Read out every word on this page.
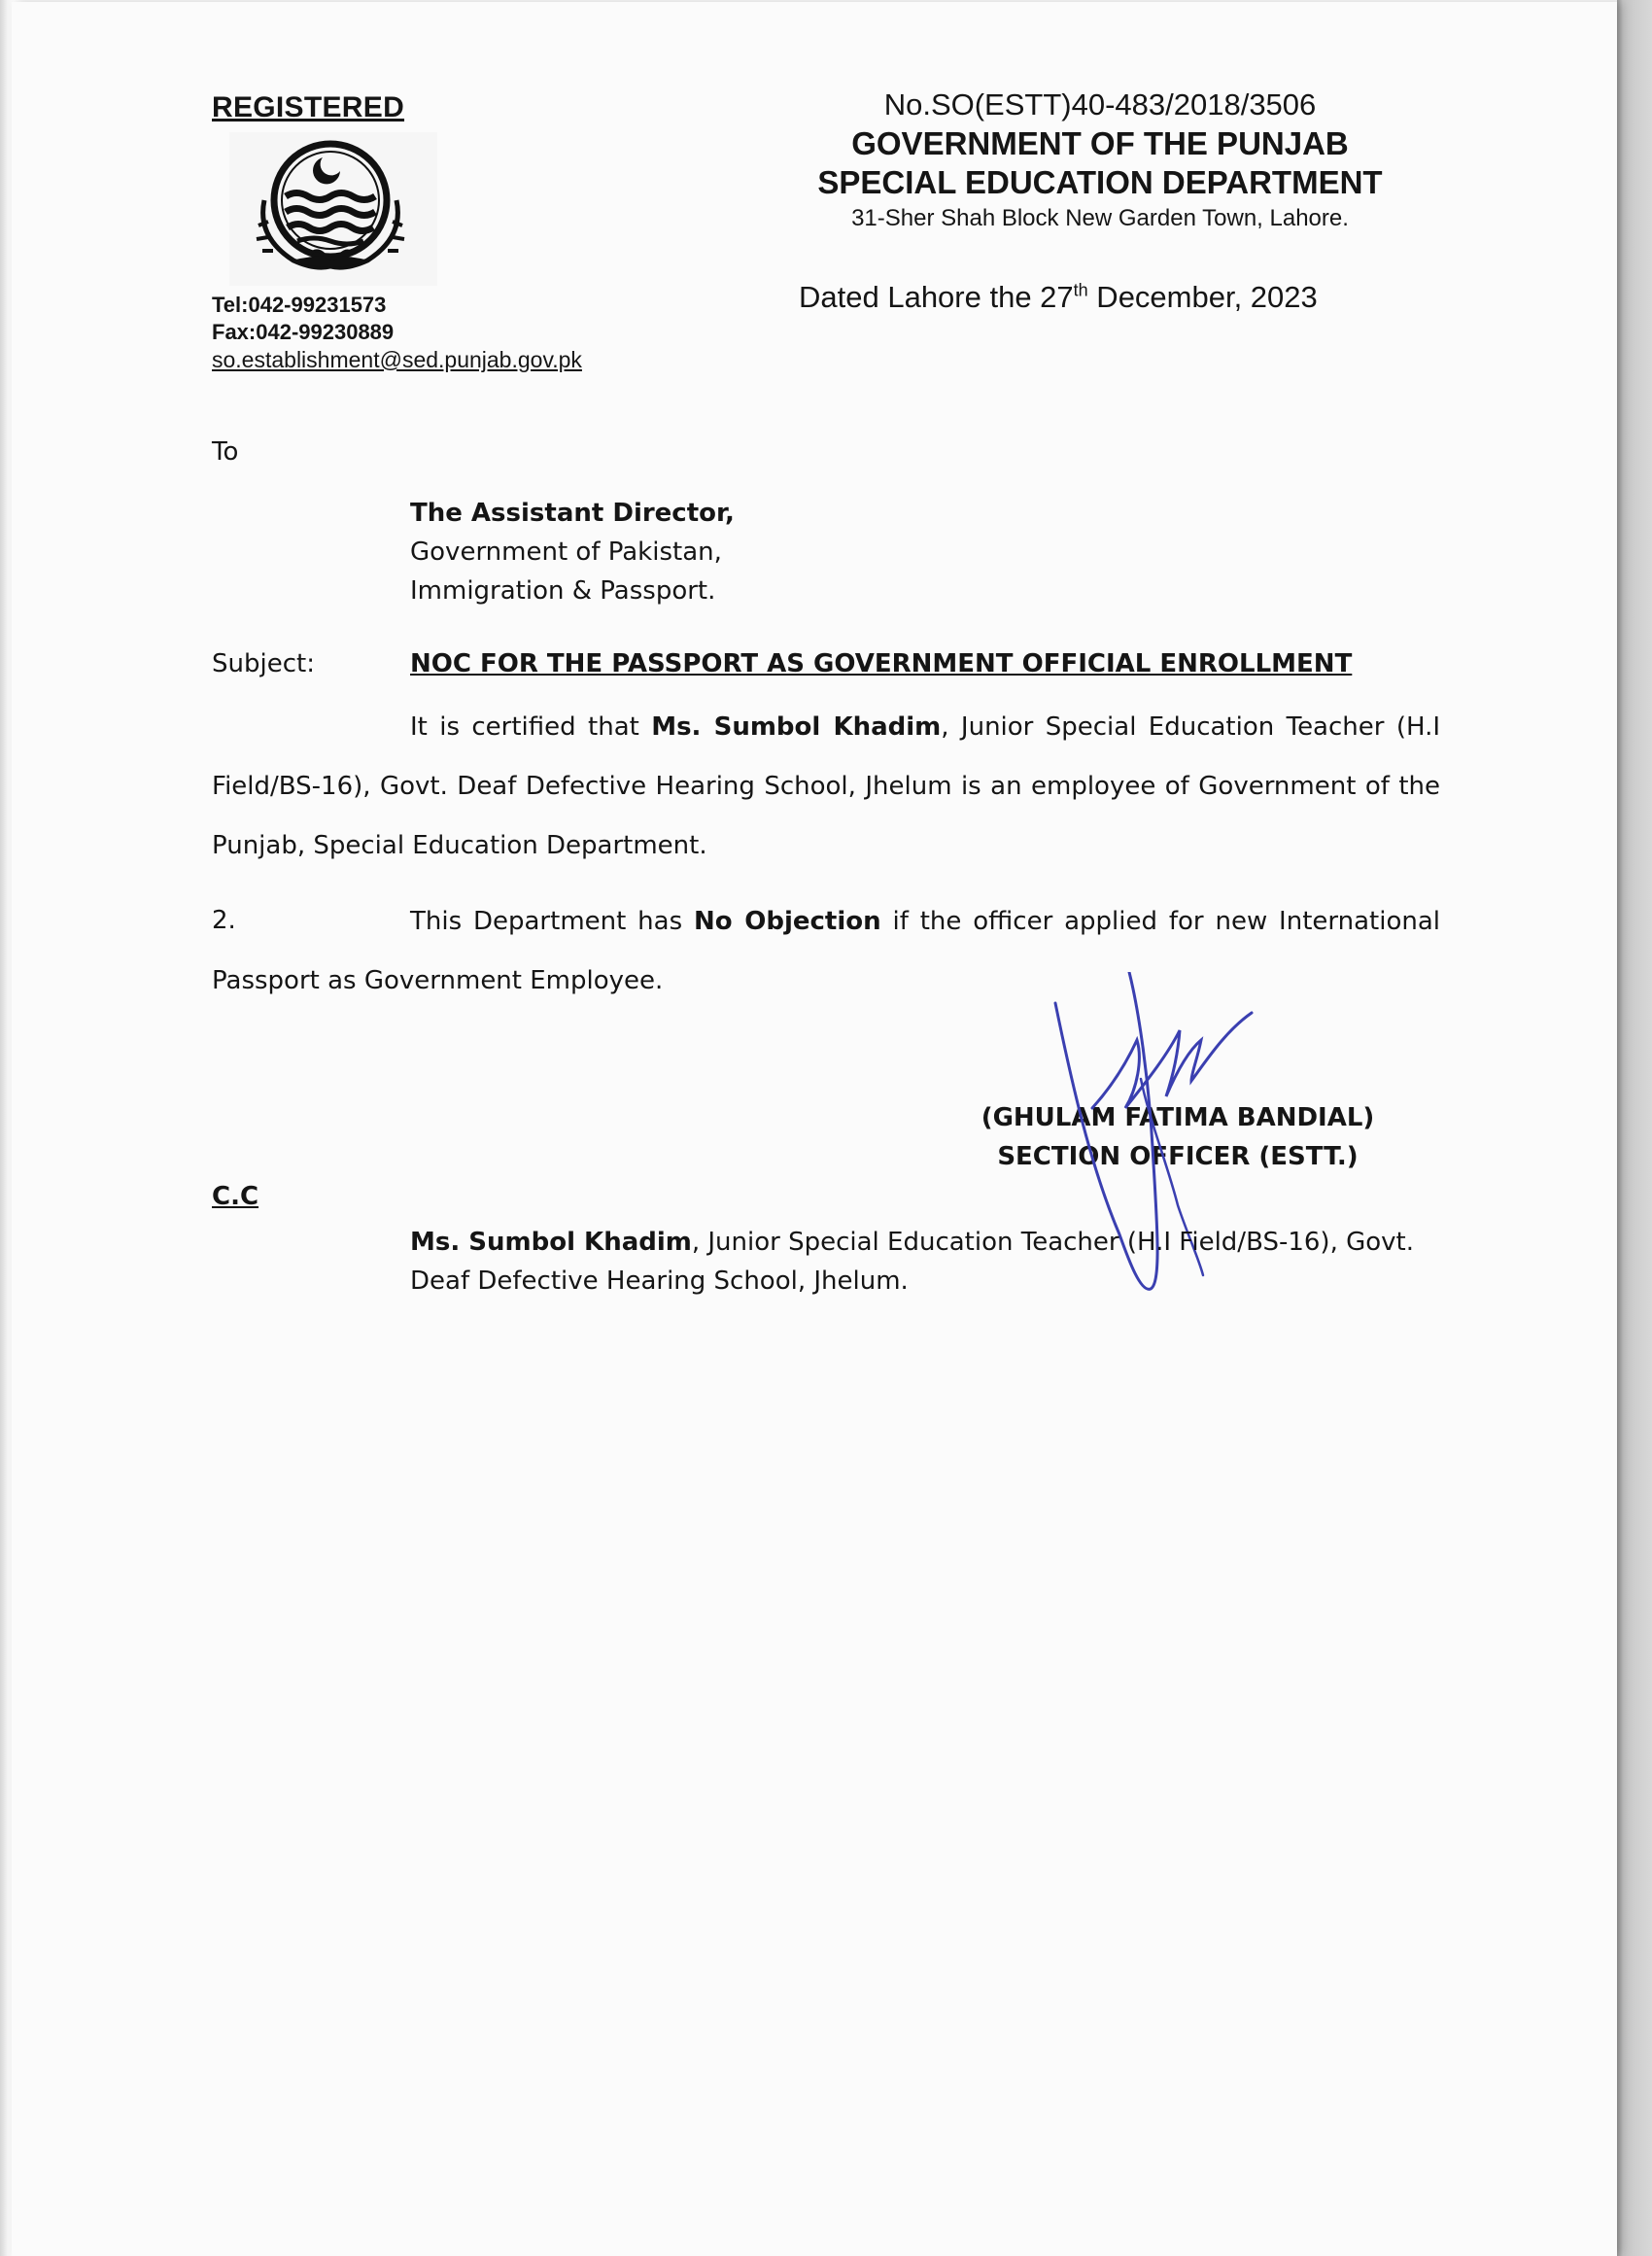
REGISTERED
Tel:042-99231573
Fax:042-99230889
so.establishment@sed.punjab.gov.pk
No.SO(ESTT)40-483/2018/3506
GOVERNMENT OF THE PUNJAB
SPECIAL EDUCATION DEPARTMENT
31-Sher Shah Block New Garden Town, Lahore.
Dated Lahore the 27th December, 2023
To
The Assistant Director,
Government of Pakistan,
Immigration & Passport.
Subject:	NOC FOR THE PASSPORT AS GOVERNMENT OFFICIAL ENROLLMENT
It is certified that Ms. Sumbol Khadim, Junior Special Education Teacher (H.I Field/BS-16), Govt. Deaf Defective Hearing School, Jhelum is an employee of Government of the Punjab, Special Education Department.
This Department has No Objection if the officer applied for new International Passport as Government Employee.
2.
(GHULAM FATIMA BANDIAL)
SECTION OFFICER (ESTT.)
C.C
Ms. Sumbol Khadim, Junior Special Education Teacher (H.I Field/BS-16), Govt.
Deaf Defective Hearing School, Jhelum.
